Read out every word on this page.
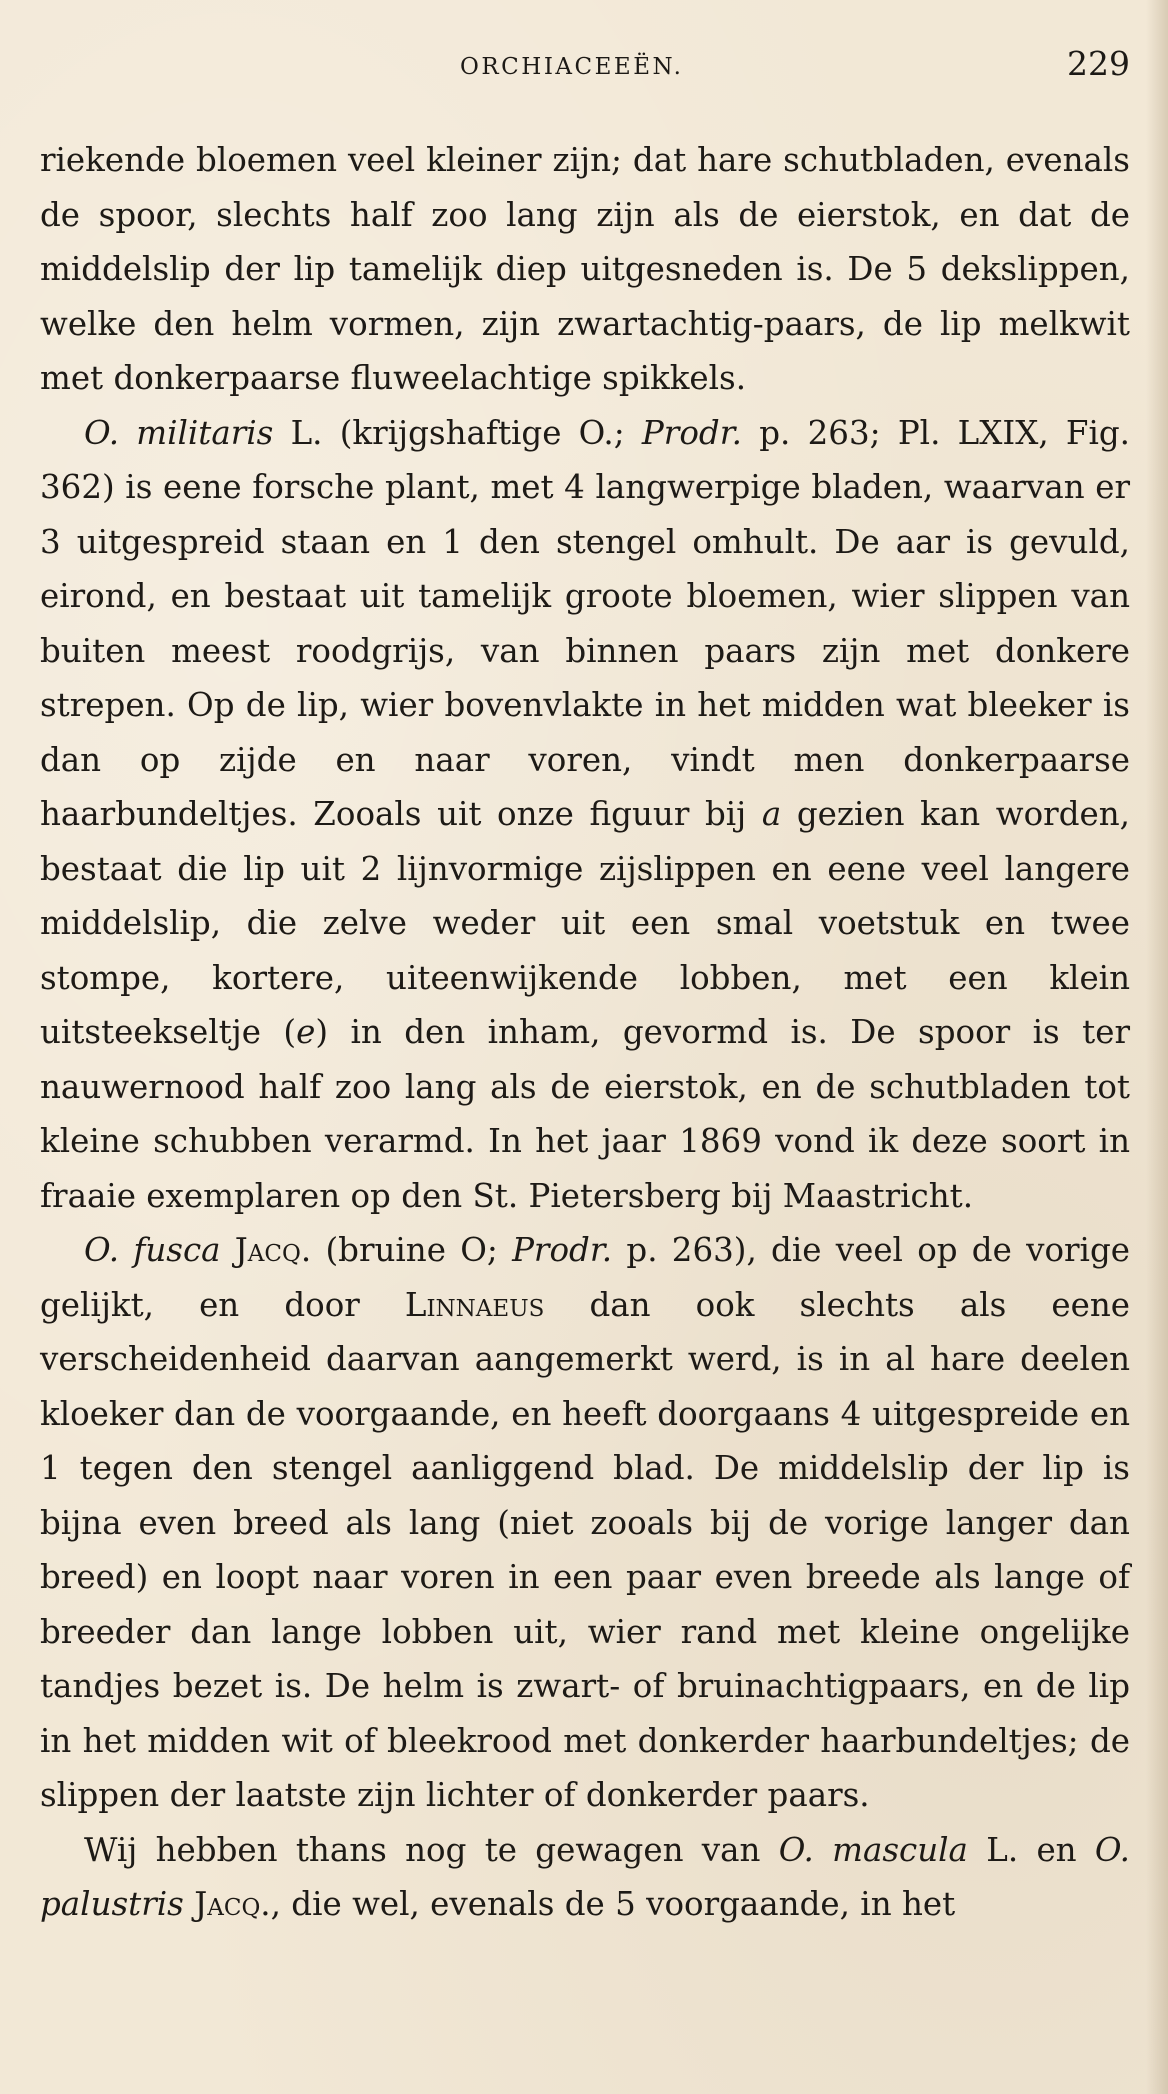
ORCHIACEEËN.	229

riekende bloemen veel kleiner zijn; dat hare schutbladen, evenals de spoor, slechts half zoo lang zijn als de eierstok, en dat de middelslip der lip tamelijk diep uitgesneden is. De 5 dekslippen, welke den helm vormen, zijn zwartachtig-paars, de lip melkwit met donkerpaarse fluweelachtige spikkels.

O. militaris L. (krijgshaftige O.; Prodr. p. 263; Pl. LXIX, Fig. 362) is eene forsche plant, met 4 langwerpige bladen, waarvan er 3 uitgespreid staan en 1 den stengel omhult. De aar is gevuld, eirond, en bestaat uit tamelijk groote bloemen, wier slippen van buiten meest roodgrijs, van binnen paars zijn met donkere strepen. Op de lip, wier bovenvlakte in het midden wat bleeker is dan op zijde en naar voren, vindt men donkerpaarse haarbundeltjes. Zooals uit onze figuur bij a gezien kan worden, bestaat die lip uit 2 lijnvormige zijslippen en eene veel langere middelslip, die zelve weder uit een smal voetstuk en twee stompe, kortere, uiteenwijkende lobben, met een klein uitsteekseltje (e) in den inham, gevormd is. De spoor is ter nauwernood half zoo lang als de eierstok, en de schutbladen tot kleine schubben verarmd. In het jaar 1869 vond ik deze soort in fraaie exemplaren op den St. Pietersberg bij Maastricht.

O. fusca Jacq. (bruine O; Prodr. p. 263), die veel op de vorige gelijkt, en door Linnaeus dan ook slechts als eene verscheidenheid daarvan aangemerkt werd, is in al hare deelen kloeker dan de voorgaande, en heeft doorgaans 4 uitgespreide en 1 tegen den stengel aanliggend blad. De middelslip der lip is bijna even breed als lang (niet zooals bij de vorige langer dan breed) en loopt naar voren in een paar even breede als lange of breeder dan lange lobben uit, wier rand met kleine ongelijke tandjes bezet is. De helm is zwart- of bruinachtigpaars, en de lip in het midden wit of bleekrood met donkerder haarbundeltjes; de slippen der laatste zijn lichter of donkerder paars.

Wij hebben thans nog te gewagen van O. mascula L. en O. palustris Jacq., die wel, evenals de 5 voorgaande, in het
